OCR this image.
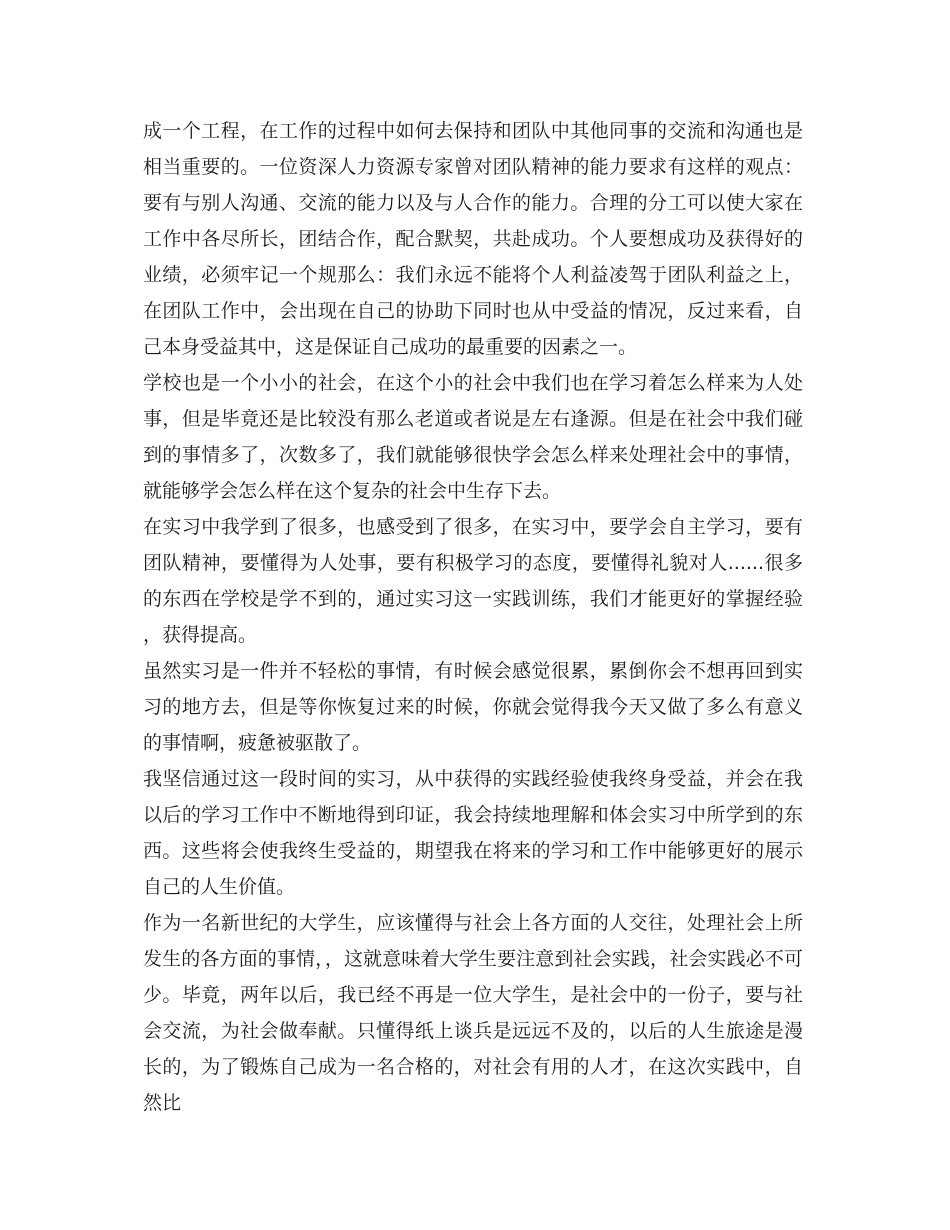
成一个工程，在工作的过程中如何去保持和团队中其他同事的交流和沟通也是相当重要的。一位资深人力资源专家曾对团队精神的能力要求有这样的观点：要有与别人沟通、交流的能力以及与人合作的能力。合理的分工可以使大家在工作中各尽所长，团结合作，配合默契，共赴成功。个人要想成功及获得好的业绩，必须牢记一个规那么：我们永远不能将个人利益凌驾于团队利益之上，在团队工作中，会出现在自己的协助下同时也从中受益的情况，反过来看，自己本身受益其中，这是保证自己成功的最重要的因素之一。

学校也是一个小小的社会，在这个小的社会中我们也在学习着怎么样来为人处事，但是毕竟还是比较没有那么老道或者说是左右逢源。但是在社会中我们碰到的事情多了，次数多了，我们就能够很快学会怎么样来处理社会中的事情，就能够学会怎么样在这个复杂的社会中生存下去。

在实习中我学到了很多，也感受到了很多，在实习中，要学会自主学习，要有团队精神，要懂得为人处事，要有积极学习的态度，要懂得礼貌对人......很多的东西在学校是学不到的，通过实习这一实践训练，我们才能更好的掌握经验，获得提高。

虽然实习是一件并不轻松的事情，有时候会感觉很累，累倒你会不想再回到实习的地方去，但是等你恢复过来的时候，你就会觉得我今天又做了多么有意义的事情啊，疲惫被驱散了。

我坚信通过这一段时间的实习，从中获得的实践经验使我终身受益，并会在我以后的学习工作中不断地得到印证，我会持续地理解和体会实习中所学到的东西。这些将会使我终生受益的，期望我在将来的学习和工作中能够更好的展示自己的人生价值。

作为一名新世纪的大学生，应该懂得与社会上各方面的人交往，处理社会上所发生的各方面的事情，，这就意味着大学生要注意到社会实践，社会实践必不可少。毕竟，两年以后，我已经不再是一位大学生，是社会中的一份子，要与社会交流，为社会做奉献。只懂得纸上谈兵是远远不及的，以后的人生旅途是漫长的，为了锻炼自己成为一名合格的，对社会有用的人才，在这次实践中，自然比
